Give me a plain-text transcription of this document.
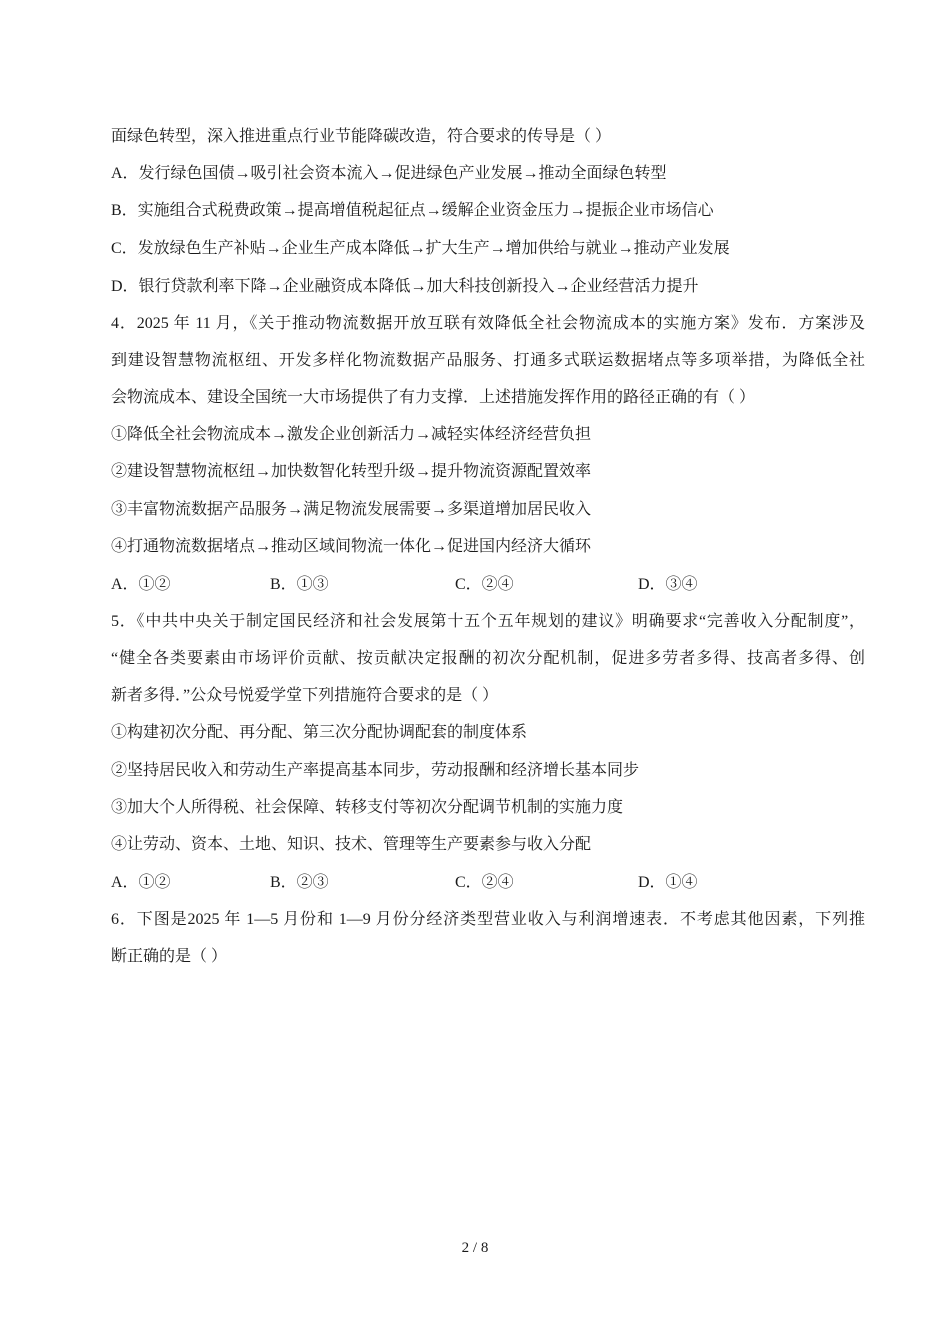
面绿色转型，深入推进重点行业节能降碳改造，符合要求的传导是（ ）
A．发行绿色国债→吸引社会资本流入→促进绿色产业发展→推动全面绿色转型
B．实施组合式税费政策→提高增值税起征点→缓解企业资金压力→提振企业市场信心
C．发放绿色生产补贴→企业生产成本降低→扩大生产→增加供给与就业→推动产业发展
D．银行贷款利率下降→企业融资成本降低→加大科技创新投入→企业经营活力提升
4．2025 年 11 月，《关于推动物流数据开放互联有效降低全社会物流成本的实施方案》发布．方案涉及
到建设智慧物流枢纽、开发多样化物流数据产品服务、打通多式联运数据堵点等多项举措，为降低全社
会物流成本、建设全国统一大市场提供了有力支撑．上述措施发挥作用的路径正确的有（ ）
①降低全社会物流成本→激发企业创新活力→减轻实体经济经营负担
②建设智慧物流枢纽→加快数智化转型升级→提升物流资源配置效率
③丰富物流数据产品服务→满足物流发展需要→多渠道增加居民收入
④打通物流数据堵点→推动区域间物流一体化→促进国内经济大循环
A．①②	B．①③	C．②④	D．③④
5．《中共中央关于制定国民经济和社会发展第十五个五年规划的建议》明确要求“完善收入分配制度”，
“健全各类要素由市场评价贡献、按贡献决定报酬的初次分配机制，促进多劳者多得、技高者多得、创
新者多得．”公众号悦爱学堂下列措施符合要求的是（ ）
①构建初次分配、再分配、第三次分配协调配套的制度体系
②坚持居民收入和劳动生产率提高基本同步，劳动报酬和经济增长基本同步
③加大个人所得税、社会保障、转移支付等初次分配调节机制的实施力度
④让劳动、资本、土地、知识、技术、管理等生产要素参与收入分配
A．①②	B．②③	C．②④	D．①④
6．下图是2025 年 1—5 月份和 1—9 月份分经济类型营业收入与利润增速表．不考虑其他因素，下列推
断正确的是（ ）
2 / 8
